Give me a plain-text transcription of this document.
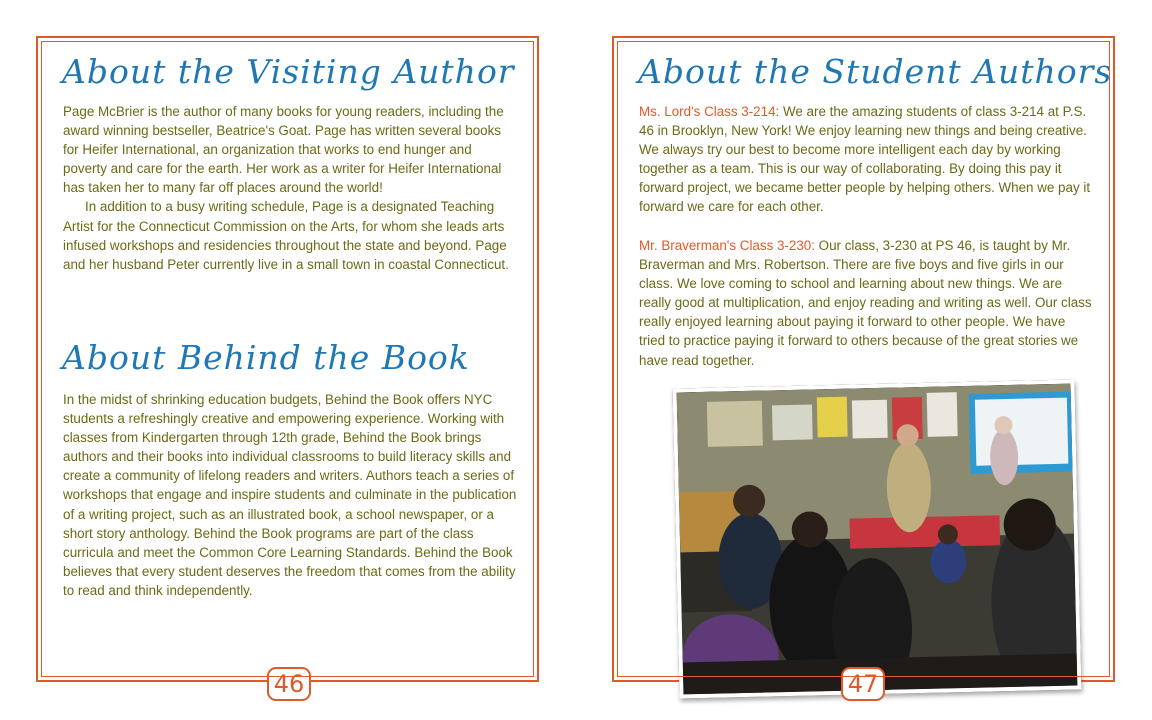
About the Visiting Author

Page McBrier is the author of many books for young readers, including the award winning bestseller, Beatrice's Goat. Page has written several books for Heifer International, an organization that works to end hunger and poverty and care for the earth. Her work as a writer for Heifer International has taken her to many far off places around the world!

In addition to a busy writing schedule, Page is a designated Teaching Artist for the Connecticut Commission on the Arts, for whom she leads arts infused workshops and residencies throughout the state and beyond. Page and her husband Peter currently live in a small town in coastal Connecticut.

About Behind the Book

In the midst of shrinking education budgets, Behind the Book offers NYC students a refreshingly creative and empowering experience. Working with classes from Kindergarten through 12th grade, Behind the Book brings authors and their books into individual classrooms to build literacy skills and create a community of lifelong readers and writers. Authors teach a series of workshops that engage and inspire students and culminate in the publication of a writing project, such as an illustrated book, a school newspaper, or a short story anthology. Behind the Book programs are part of the class curricula and meet the Common Core Learning Standards. Behind the Book believes that every student deserves the freedom that comes from the ability to read and think independently.

46
About the Student Authors

Ms. Lord's Class 3-214: We are the amazing students of class 3-214 at P.S. 46 in Brooklyn, New York! We enjoy learning new things and being creative. We always try our best to become more intelligent each day by working together as a team. This is our way of collaborating. By doing this pay it forward project, we became better people by helping others. When we pay it forward we care for each other.

Mr. Braverman's Class 3-230: Our class, 3-230 at PS 46, is taught by Mr. Braverman and Mrs. Robertson. There are five boys and five girls in our class. We love coming to school and learning about new things. We are really good at multiplication, and enjoy reading and writing as well. Our class really enjoyed learning about paying it forward to other people. We have tried to practice paying it forward to others because of the great stories we have read together.

47
